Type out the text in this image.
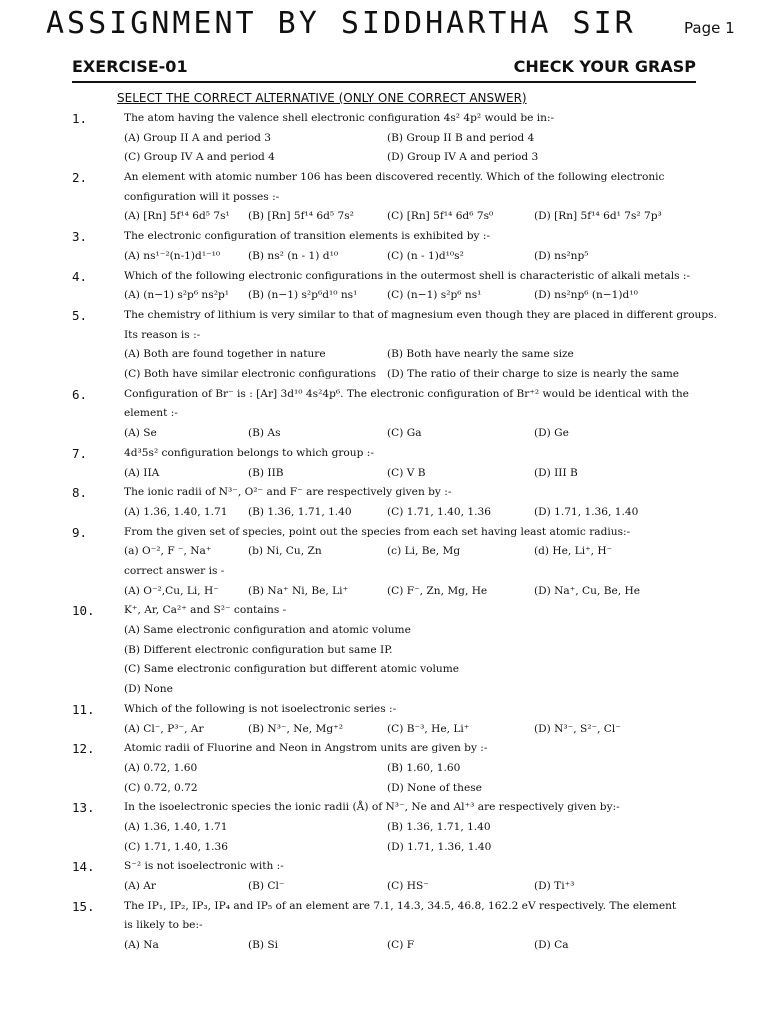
ASSIGNMENT BY SIDDHARTHA SIR	Page 1
EXERCISE-01	CHECK YOUR GRASP
SELECT THE CORRECT ALTERNATIVE (ONLY ONE CORRECT ANSWER)
1.	The atom having the valence shell electronic configuration 4s² 4p² would be in:-
(A) Group II A and period 3	(B) Group II B and period 4
(C) Group IV A and period 4	(D) Group IV A and period 3
2.	An element with atomic number 106 has been discovered recently. Which of the following electronic
configuration will it posses :-
(A) [Rn] 5f¹⁴ 6d⁵ 7s¹ (B) [Rn] 5f¹⁴ 6d⁵ 7s²	(C) [Rn] 5f¹⁴ 6d⁶ 7s⁰	(D) [Rn] 5f¹⁴ 6d¹ 7s² 7p³
3.	The electronic configuration of transition elements is exhibited by :-
(A) ns¹⁻²(n-1)d¹⁻¹⁰	(B) ns² (n - 1) d¹⁰	(C) (n - 1)d¹⁰s²	(D) ns²np⁵
4.	Which of the following electronic configurations in the outermost shell is characteristic of alkali metals :-
(A) (n−1) s²p⁶ ns²p¹ (B) (n−1) s²p⁶d¹⁰ ns¹	(C) (n−1) s²p⁶ ns¹	(D) ns²np⁶ (n−1)d¹⁰
5.	The chemistry of lithium is very similar to that of magnesium even though they are placed in different groups.
Its reason is :-
(A) Both are found together in nature	(B) Both have nearly the same size
(C) Both have similar electronic configurations (D) The ratio of their charge to size is nearly the same
6.	Configuration of Br⁻ is : [Ar] 3d¹⁰ 4s²4p⁶. The electronic configuration of Br⁺² would be identical with the
element :-
(A) Se	(B) As	(C) Ga	(D) Ge
7.	4d³5s² configuration belongs to which group :-
(A) IIA	(B) IIB	(C) V B	(D) III B
8.	The ionic radii of N³⁻, O²⁻ and F⁻ are respectively given by :-
(A) 1.36, 1.40, 1.71 (B) 1.36, 1.71, 1.40	(C) 1.71, 1.40, 1.36	(D) 1.71, 1.36, 1.40
9.	From the given set of species, point out the species from each set having least atomic radius:-
(a) O⁻², F ⁻, Na⁺	(b) Ni, Cu, Zn	(c) Li, Be, Mg	(d) He, Li⁺, H⁻
correct answer is -
(A) O⁻²,Cu, Li, H⁻	(B) Na⁺ Ni, Be, Li⁺	(C) F⁻, Zn, Mg, He	(D) Na⁺, Cu, Be, He
10.	K⁺, Ar, Ca²⁺ and S²⁻ contains -
(A) Same electronic configuration and atomic volume
(B) Different electronic configuration but same IP.
(C) Same electronic configuration but different atomic volume
(D) None
11.	Which of the following is not isoelectronic series :-
(A) Cl⁻, P³⁻, Ar	(B) N³⁻, Ne, Mg⁺²	(C) B⁻³, He, Li⁺	(D) N³⁻, S²⁻, Cl⁻
12.	Atomic radii of Fluorine and Neon in Angstrom units are given by :-
(A) 0.72, 1.60	(B) 1.60, 1.60
(C) 0.72, 0.72	(D) None of these
13.	In the isoelectronic species the ionic radii (Å) of N³⁻, Ne and Al⁺³ are respectively given by:-
(A) 1.36, 1.40, 1.71	(B) 1.36, 1.71, 1.40
(C) 1.71, 1.40, 1.36	(D) 1.71, 1.36, 1.40
14.	S⁻² is not isoelectronic with :-
(A) Ar	(B) Cl⁻	(C) HS⁻	(D) Ti⁺³
15.	The IP₁, IP₂, IP₃, IP₄ and IP₅ of an element are 7.1, 14.3, 34.5, 46.8, 162.2 eV respectively. The element
is likely to be:-
(A) Na	(B) Si	(C) F	(D) Ca
